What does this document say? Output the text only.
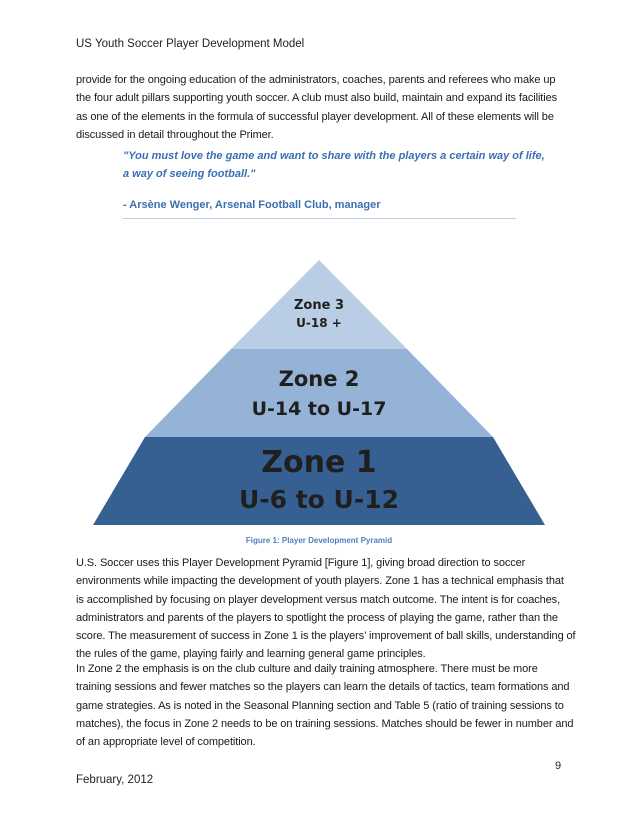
US Youth Soccer Player Development Model

provide for the ongoing education of the administrators, coaches, parents and referees who make up
the four adult pillars supporting youth soccer. A club must also build, maintain and expand its facilities
as one of the elements in the formula of successful player development. All of these elements will be
discussed in detail throughout the Primer.

"You must love the game and want to share with the players a certain way of life,
a way of seeing football."

- Arsène Wenger, Arsenal Football Club, manager
Zone 3
U-18 +
Zone 2
U-14 to U-17
Zone 1
U-6 to U-12
Figure 1: Player Development Pyramid

U.S. Soccer uses this Player Development Pyramid [Figure 1], giving broad direction to soccer
environments while impacting the development of youth players. Zone 1 has a technical emphasis that
is accomplished by focusing on player development versus match outcome. The intent is for coaches,
administrators and parents of the players to spotlight the process of playing the game, rather than the
score. The measurement of success in Zone 1 is the players’ improvement of ball skills, understanding of
the rules of the game, playing fairly and learning general game principles.

In Zone 2 the emphasis is on the club culture and daily training atmosphere. There must be more
training sessions and fewer matches so the players can learn the details of tactics, team formations and
game strategies. As is noted in the Seasonal Planning section and Table 5 (ratio of training sessions to
matches), the focus in Zone 2 needs to be on training sessions. Matches should be fewer in number and
of an appropriate level of competition.

9
February, 2012
